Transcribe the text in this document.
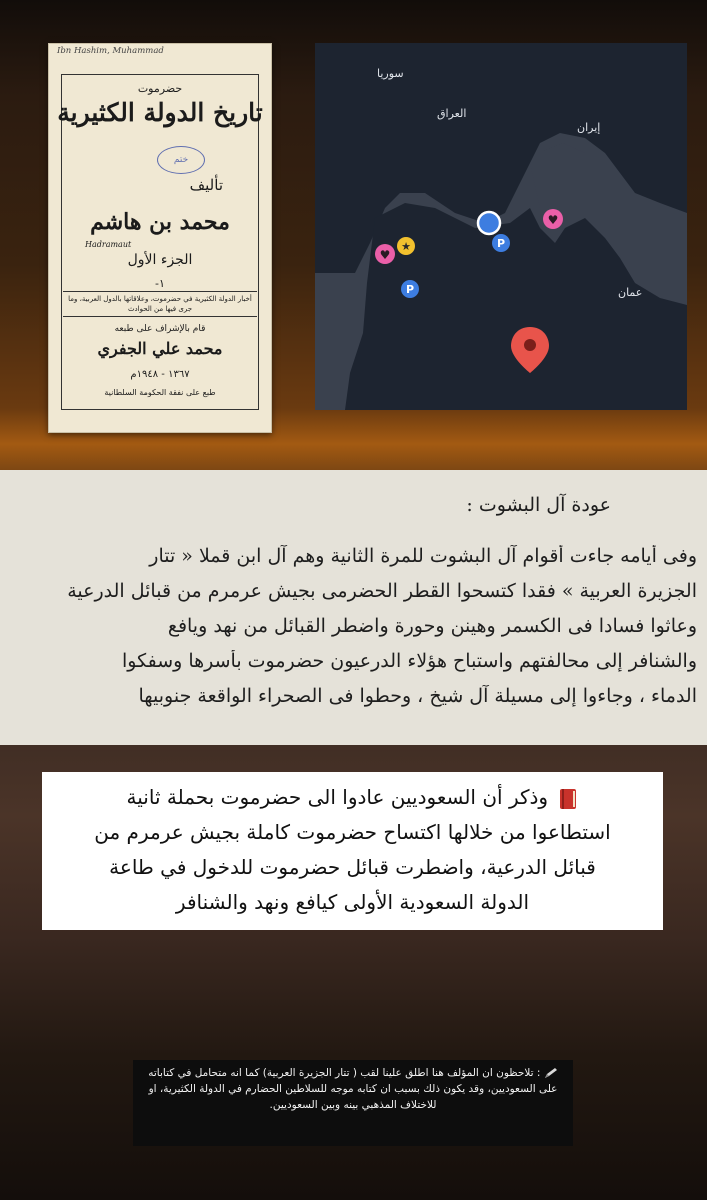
Ibn Hashim, Muhammad
حضرموت
تاريخ الدولة الكثيرية
ختم
تأليف
محمد بن هاشم
Hadramaut
الجزء الأول
١-
أخبار الدولة الكثيرية في حضرموت، وعلاقاتها بالدول العربية، وما جرى فيها من الحوادث
قام بالإشراف على طبعه
محمد علي الجفري
١٣٦٧ - ١٩٤٨م
طبع على نفقة الحكومة السلطانية
P
P
♥
♥
★
سوريا
العراق
إيران
عمان
عودة آل البشوت :
وفى أيامه جاءت أقوام آل البشوت للمرة الثانية وهم آل ابن قملا « تتار
الجزيرة العربية » فقدا كتسحوا القطر الحضرمى بجيش عرمرم من قبائل الدرعية
وعاثوا فسادا فى الكسمر وهينن وحورة واضطر القبائل من نهد ويافع
والشنافر إلى محالفتهم واستباح هؤلاء الدرعيون حضرموت بأسرها وسفكوا
الدماء ، وجاءوا إلى مسيلة آل شيخ ، وحطوا فى الصحراء الواقعة جنوبيها
وذكر أن السعوديين عادوا الى حضرموت بحملة ثانية
استطاعوا من خلالها اكتساح حضرموت كاملة بجيش عرمرم من
قبائل الدرعية، واضطرت قبائل حضرموت للدخول في طاعة
الدولة السعودية الأولى كيافع ونهد والشنافر
: تلاحظون ان المؤلف هنا اطلق علينا لقب ( تتار الجزيرة العربية) كما انه متحامل في كتاباته على السعوديين، وقد يكون ذلك بسبب ان كتابه موجه للسلاطين الحضارم في الدولة الكثيرية، او للاختلاف المذهبي بينه وبين السعوديين.
